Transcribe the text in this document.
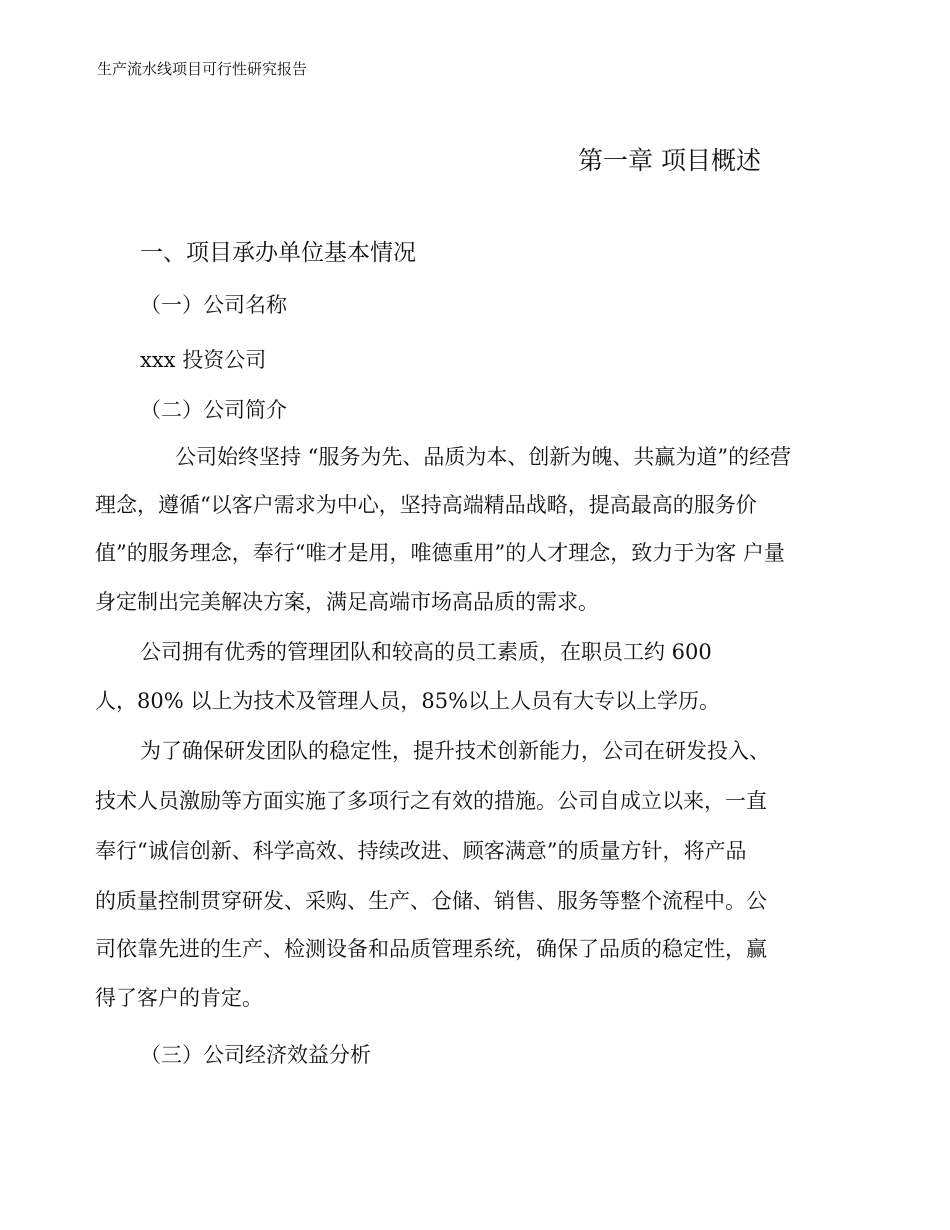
生产流水线项目可行性研究报告
第一章 项目概述
一、项目承办单位基本情况
（一）公司名称
xxx 投资公司
（二）公司简介
公司始终坚持 “服务为先、品质为本、创新为魄、共赢为道”的经营
理念，遵循“以客户需求为中心，坚持高端精品战略，提高最高的服务价
值”的服务理念，奉行“唯才是用，唯德重用”的人才理念，致力于为客 户量
身定制出完美解决方案，满足高端市场高品质的需求。
公司拥有优秀的管理团队和较高的员工素质，在职员工约 600
人，80% 以上为技术及管理人员，85%以上人员有大专以上学历。
为了确保研发团队的稳定性，提升技术创新能力，公司在研发投入、
技术人员激励等方面实施了多项行之有效的措施。公司自成立以来，一直
奉行“诚信创新、科学高效、持续改进、顾客满意”的质量方针，将产品
的质量控制贯穿研发、采购、生产、仓储、销售、服务等整个流程中。公
司依靠先进的生产、检测设备和品质管理系统，确保了品质的稳定性，赢
得了客户的肯定。
（三）公司经济效益分析
